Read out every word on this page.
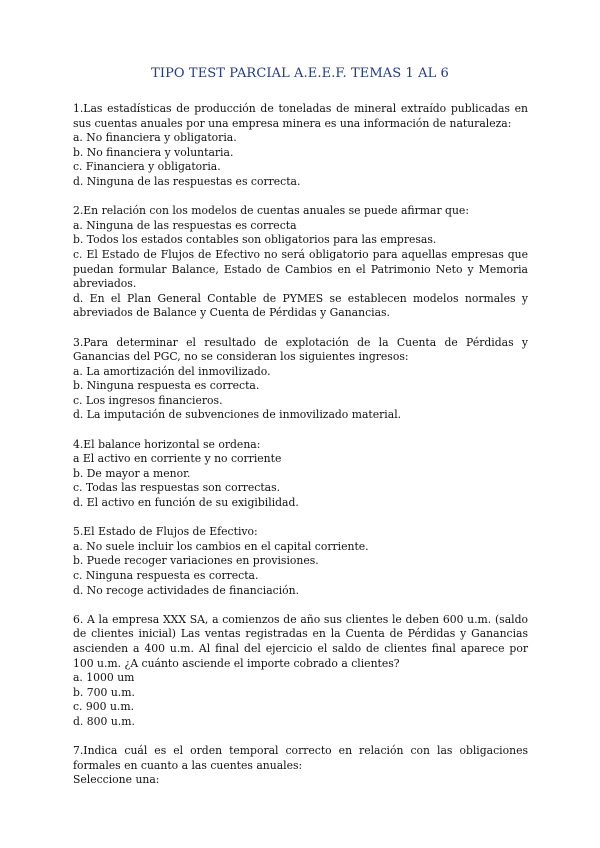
TIPO TEST PARCIAL A.E.E.F. TEMAS 1 AL 6

1.Las estadísticas de producción de toneladas de mineral extraído publicadas en sus cuentas anuales por una empresa minera es una información de naturaleza:

a. No financiera y obligatoria.

b. No financiera y voluntaria.

c. Financiera y obligatoria.

d. Ninguna de las respuestas es correcta.

2.En relación con los modelos de cuentas anuales se puede afirmar que:

a. Ninguna de las respuestas es correcta

b. Todos los estados contables son obligatorios para las empresas.

c. El Estado de Flujos de Efectivo no será obligatorio para aquellas empresas que puedan formular Balance, Estado de Cambios en el Patrimonio Neto y Memoria abreviados.

d. En el Plan General Contable de PYMES se establecen modelos normales y abreviados de Balance y Cuenta de Pérdidas y Ganancias.

3.Para determinar el resultado de explotación de la Cuenta de Pérdidas y Ganancias del PGC, no se consideran los siguientes ingresos:

a. La amortización del inmovilizado.

b. Ninguna respuesta es correcta.

c. Los ingresos financieros.

d. La imputación de subvenciones de inmovilizado material.

4.El balance horizontal se ordena:

a El activo en corriente y no corriente

b. De mayor a menor.

c. Todas las respuestas son correctas.

d. El activo en función de su exigibilidad.

5.El Estado de Flujos de Efectivo:

a. No suele incluir los cambios en el capital corriente.

b. Puede recoger variaciones en provisiones.

c. Ninguna respuesta es correcta.

d. No recoge actividades de financiación.

6. A la empresa XXX SA, a comienzos de año sus clientes le deben 600 u.m. (saldo de clientes inicial) Las ventas registradas en la Cuenta de Pérdidas y Ganancias ascienden a 400 u.m. Al final del ejercicio el saldo de clientes final aparece por 100 u.m. ¿A cuánto asciende el importe cobrado a clientes?

a. 1000 um

b. 700 u.m.

c. 900 u.m.

d. 800 u.m.

7.Indica cuál es el orden temporal correcto en relación con las obligaciones formales en cuanto a las cuentes anuales:

Seleccione una:
